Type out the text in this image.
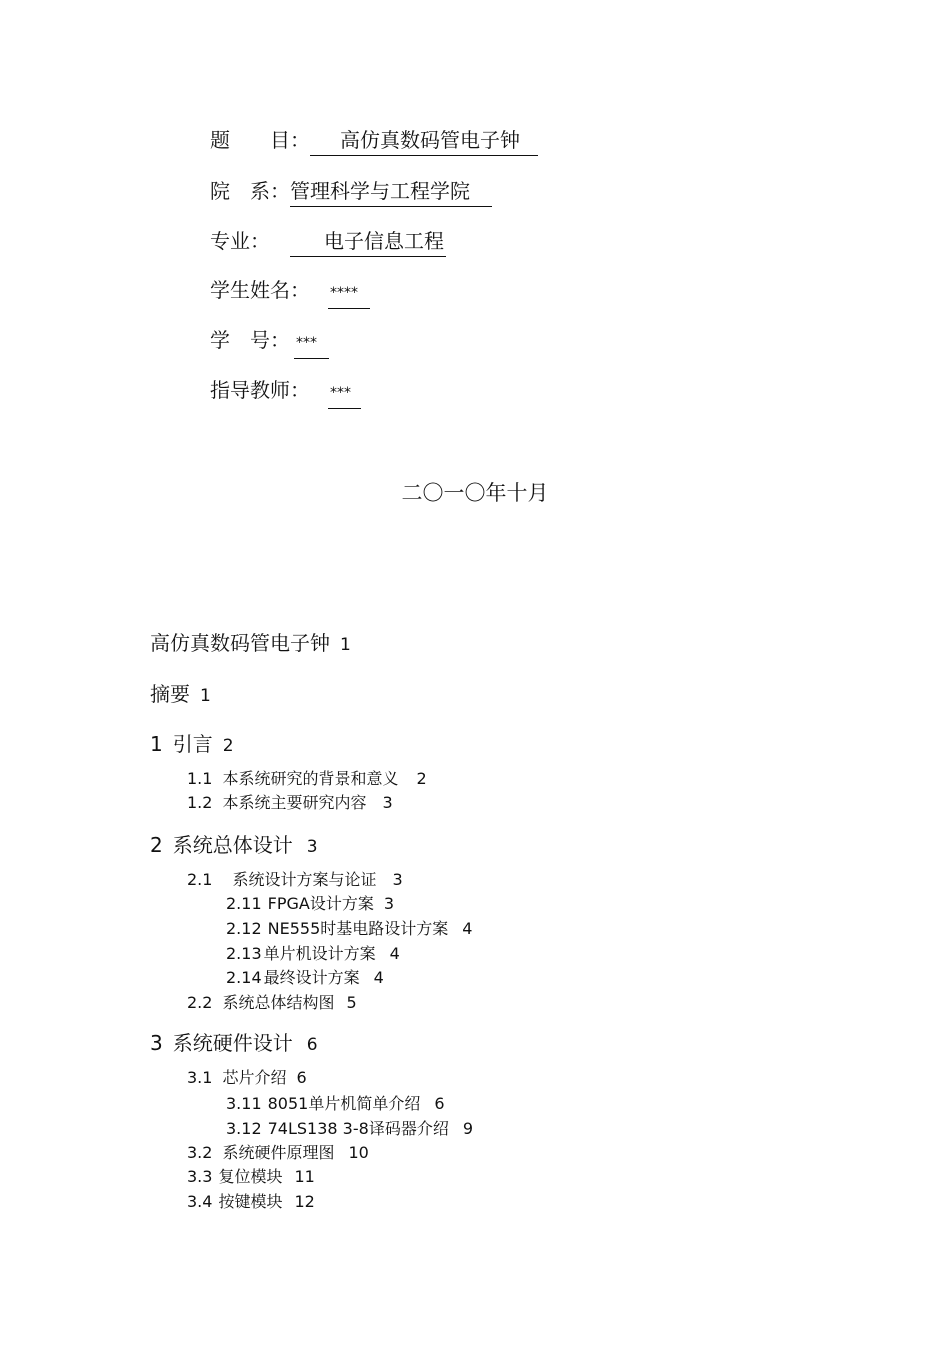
题　　目： 高仿真数码管电子钟
院　系：管理科学与工程学院
专业：	电子信息工程
学生姓名： ****
学　号： ***
指导教师： ***
二〇一〇年十月
高仿真数码管电子钟 1
摘要 1
1 引言 2
1.1 本系统研究的背景和意义 2
1.2 本系统主要研究内容 3
2 系统总体设计 3
2.1 系统设计方案与论证 3
2.11 FPGA设计方案 3
2.12 NE555时基电路设计方案 4
2.13 单片机设计方案 4
2.14 最终设计方案 4
2.2 系统总体结构图 5
3 系统硬件设计 6
3.1 芯片介绍 6
3.11 8051单片机简单介绍 6
3.12 74LS138 3-8译码器介绍 9
3.2 系统硬件原理图 10
3.3 复位模块 11
3.4 按键模块 12
